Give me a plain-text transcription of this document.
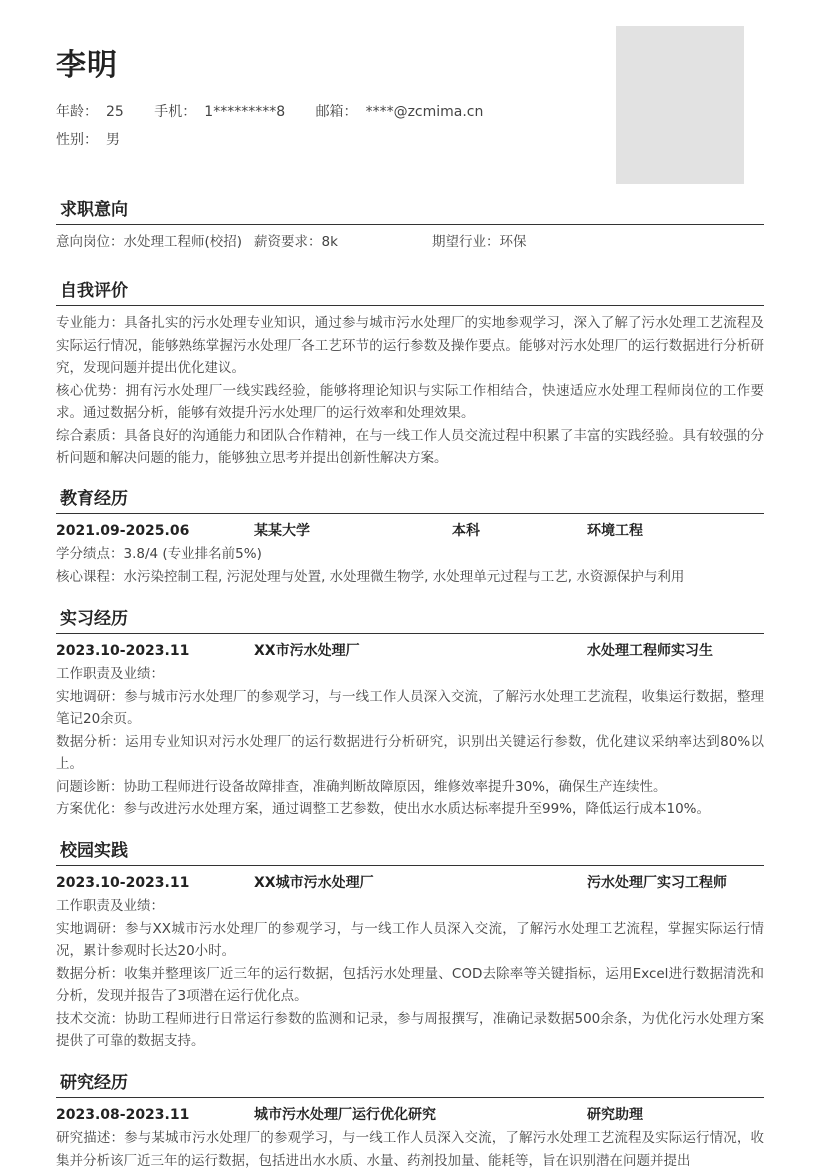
李明
年龄： 25 手机： 1*********8 邮箱： ****@zcmima.cn
性别： 男
求职意向
意向岗位：水处理工程师(校招) 薪资要求：8k	期望行业：环保
自我评价
专业能力：具备扎实的污水处理专业知识，通过参与城市污水处理厂的实地参观学习，深入了解了污水处理工艺流程及实际运行情况，能够熟练掌握污水处理厂各工艺环节的运行参数及操作要点。能够对污水处理厂的运行数据进行分析研究，发现问题并提出优化建议。
核心优势：拥有污水处理厂一线实践经验，能够将理论知识与实际工作相结合，快速适应水处理工程师岗位的工作要求。通过数据分析，能够有效提升污水处理厂的运行效率和处理效果。
综合素质：具备良好的沟通能力和团队合作精神，在与一线工作人员交流过程中积累了丰富的实践经验。具有较强的分析问题和解决问题的能力，能够独立思考并提出创新性解决方案。
教育经历
2021.09-2025.06	某某大学	本科	环境工程
学分绩点：3.8/4 (专业排名前5%)
核心课程：水污染控制工程, 污泥处理与处置, 水处理微生物学, 水处理单元过程与工艺, 水资源保护与利用
实习经历
2023.10-2023.11	XX市污水处理厂	水处理工程师实习生
工作职责及业绩：
实地调研：参与城市污水处理厂的参观学习，与一线工作人员深入交流，了解污水处理工艺流程，收集运行数据，整理笔记20余页。
数据分析：运用专业知识对污水处理厂的运行数据进行分析研究，识别出关键运行参数，优化建议采纳率达到80%以上。
问题诊断：协助工程师进行设备故障排查，准确判断故障原因，维修效率提升30%，确保生产连续性。
方案优化：参与改进污水处理方案，通过调整工艺参数，使出水水质达标率提升至99%，降低运行成本10%。
校园实践
2023.10-2023.11	XX城市污水处理厂	污水处理厂实习工程师
工作职责及业绩：
实地调研：参与XX城市污水处理厂的参观学习，与一线工作人员深入交流，了解污水处理工艺流程，掌握实际运行情况，累计参观时长达20小时。
数据分析：收集并整理该厂近三年的运行数据，包括污水处理量、COD去除率等关键指标，运用Excel进行数据清洗和分析，发现并报告了3项潜在运行优化点。
技术交流：协助工程师进行日常运行参数的监测和记录，参与周报撰写，准确记录数据500余条，为优化污水处理方案提供了可靠的数据支持。
研究经历
2023.08-2023.11	城市污水处理厂运行优化研究	研究助理
研究描述：参与某城市污水处理厂的参观学习，与一线工作人员深入交流，了解污水处理工艺流程及实际运行情况，收集并分析该厂近三年的运行数据，包括进出水水质、水量、药剂投加量、能耗等，旨在识别潜在问题并提出
